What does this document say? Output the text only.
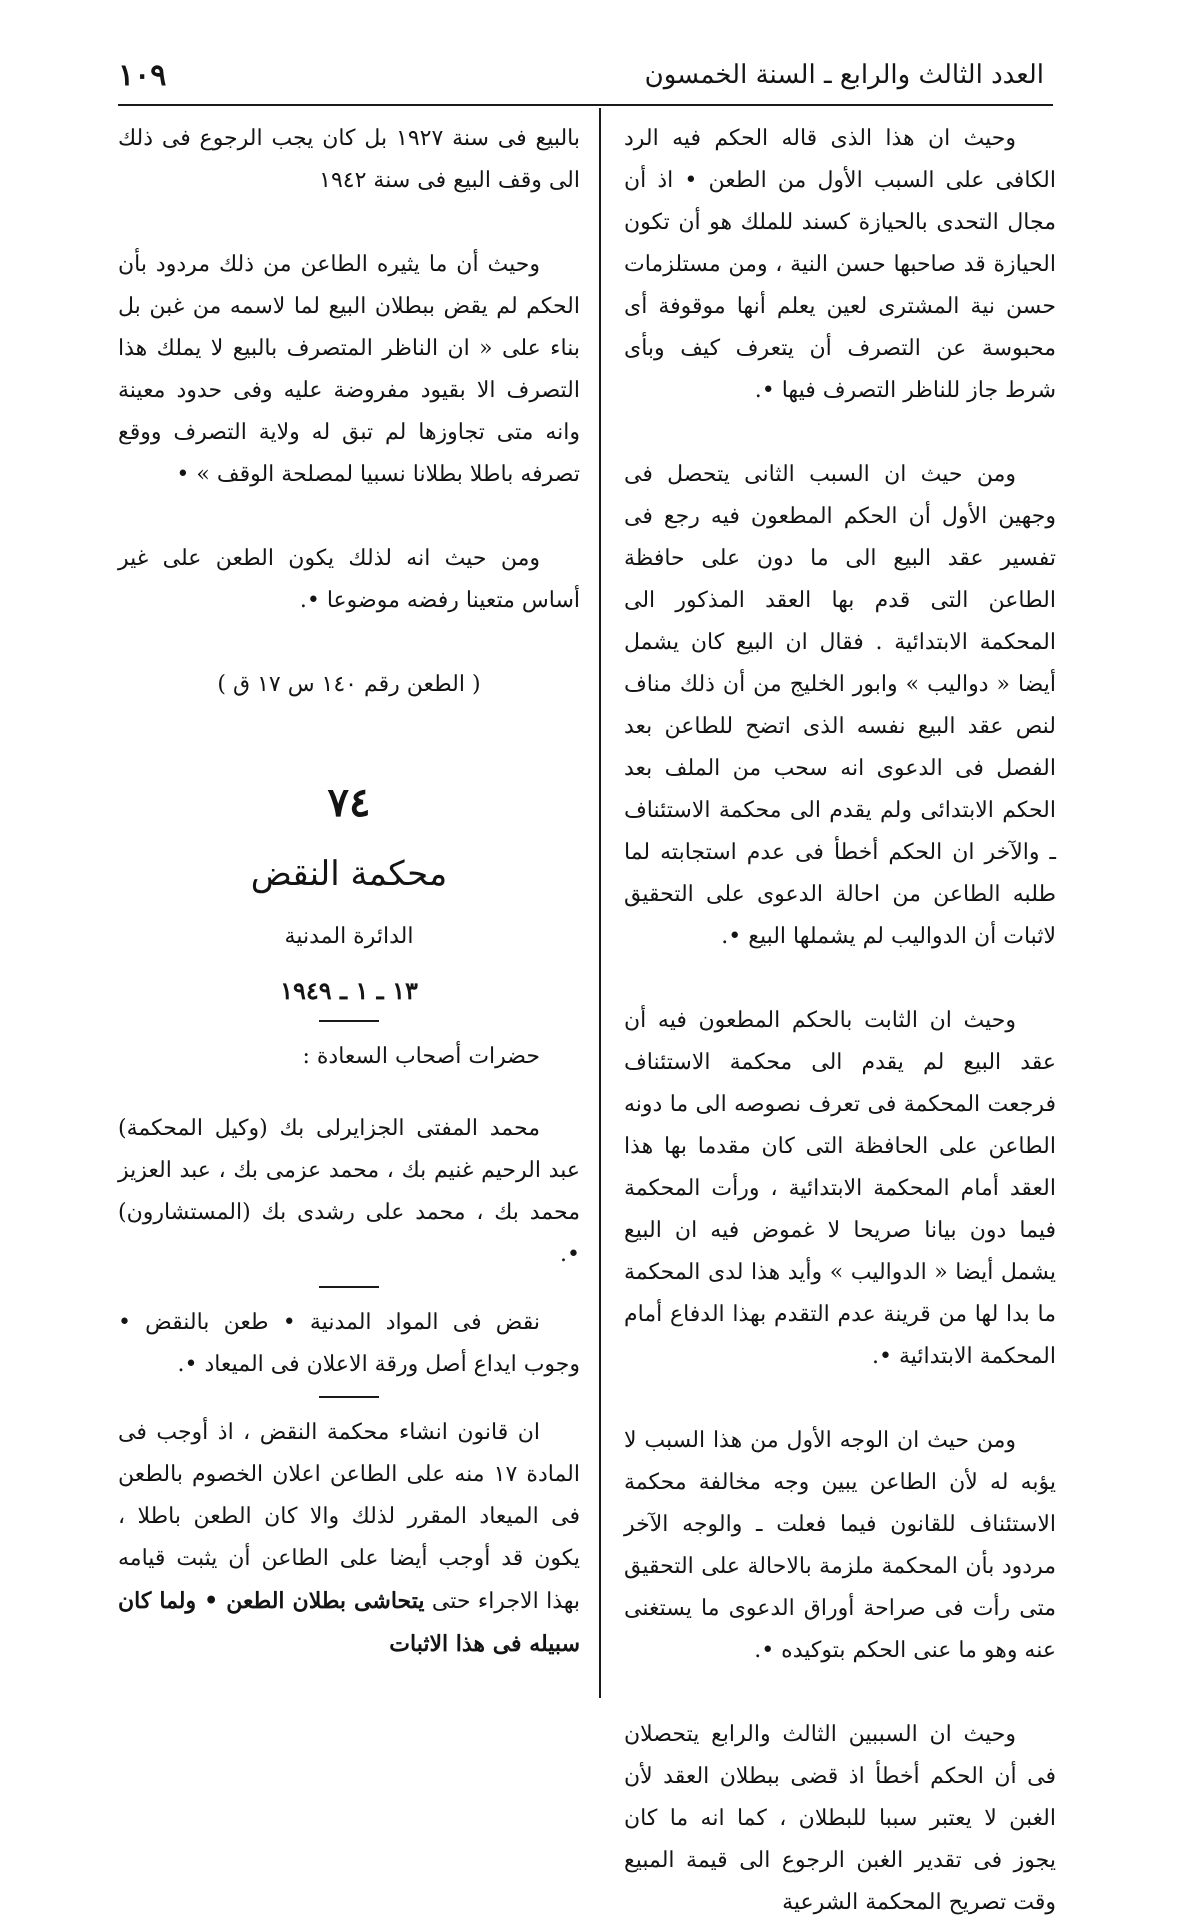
العدد الثالث والرابع ـ السنة الخمسون
١٠٩

وحيث ان هذا الذى قاله الحكم فيه الرد الكافى على السبب الأول من الطعن • اذ أن مجال التحدى بالحيازة كسند للملك هو أن تكون الحيازة قد صاحبها حسن النية ، ومن مستلزمات حسن نية المشترى لعين يعلم أنها موقوفة أى محبوسة عن التصرف أن يتعرف كيف وبأى شرط جاز للناظر التصرف فيها •.

ومن حيث ان السبب الثانى يتحصل فى وجهين الأول أن الحكم المطعون فيه رجع فى تفسير عقد البيع الى ما دون على حافظة الطاعن التى قدم بها العقد المذكور الى المحكمة الابتدائية . فقال ان البيع كان يشمل أيضا « دواليب » وابور الخليج من أن ذلك مناف لنص عقد البيع نفسه الذى اتضح للطاعن بعد الفصل فى الدعوى انه سحب من الملف بعد الحكم الابتدائى ولم يقدم الى محكمة الاستئناف ـ والآخر ان الحكم أخطأ فى عدم استجابته لما طلبه الطاعن من احالة الدعوى على التحقيق لاثبات أن الدواليب لم يشملها البيع •.

وحيث ان الثابت بالحكم المطعون فيه أن عقد البيع لم يقدم الى محكمة الاستئناف فرجعت المحكمة فى تعرف نصوصه الى ما دونه الطاعن على الحافظة التى كان مقدما بها هذا العقد أمام المحكمة الابتدائية ، ورأت المحكمة فيما دون بيانا صريحا لا غموض فيه ان البيع يشمل أيضا « الدواليب » وأيد هذا لدى المحكمة ما بدا لها من قرينة عدم التقدم بهذا الدفاع أمام المحكمة الابتدائية •.

ومن حيث ان الوجه الأول من هذا السبب لا يؤبه له لأن الطاعن يبين وجه مخالفة محكمة الاستئناف للقانون فيما فعلت ـ والوجه الآخر مردود بأن المحكمة ملزمة بالاحالة على التحقيق متى رأت فى صراحة أوراق الدعوى ما يستغنى عنه وهو ما عنى الحكم بتوكيده •.

وحيث ان السببين الثالث والرابع يتحصلان فى أن الحكم أخطأ اذ قضى ببطلان العقد لأن الغبن لا يعتبر سببا للبطلان ، كما انه ما كان يجوز فى تقدير الغبن الرجوع الى قيمة المبيع وقت تصريح المحكمة الشرعية

بالبيع فى سنة ١٩٢٧ بل كان يجب الرجوع فى ذلك الى وقف البيع فى سنة ١٩٤٢

وحيث أن ما يثيره الطاعن من ذلك مردود بأن الحكم لم يقض ببطلان البيع لما لاسمه من غبن بل بناء على « ان الناظر المتصرف بالبيع لا يملك هذا التصرف الا بقيود مفروضة عليه وفى حدود معينة وانه متى تجاوزها لم تبق له ولاية التصرف ووقع تصرفه باطلا بطلانا نسبيا لمصلحة الوقف » •

ومن حيث انه لذلك يكون الطعن على غير أساس متعينا رفضه موضوعا •.

( الطعن رقم ١٤٠ س ١٧ ق )

٧٤
محكمة النقض
الدائرة المدنية
١٣ ـ ١ ـ ١٩٤٩

حضرات أصحاب السعادة :

محمد المفتى الجزايرلى بك (وكيل المحكمة) عبد الرحيم غنيم بك ، محمد عزمى بك ، عبد العزيز محمد بك ، محمد على رشدى بك (المستشارون) •.

نقض فى المواد المدنية • طعن بالنقض • وجوب ايداع أصل ورقة الاعلان فى الميعاد •.

ان قانون انشاء محكمة النقض ، اذ أوجب فى المادة ١٧ منه على الطاعن اعلان الخصوم بالطعن فى الميعاد المقرر لذلك والا كان الطعن باطلا ، يكون قد أوجب أيضا على الطاعن أن يثبت قيامه بهذا الاجراء حتى يتحاشى بطلان الطعن • ولما كان سبيله فى هذا الاثبات
